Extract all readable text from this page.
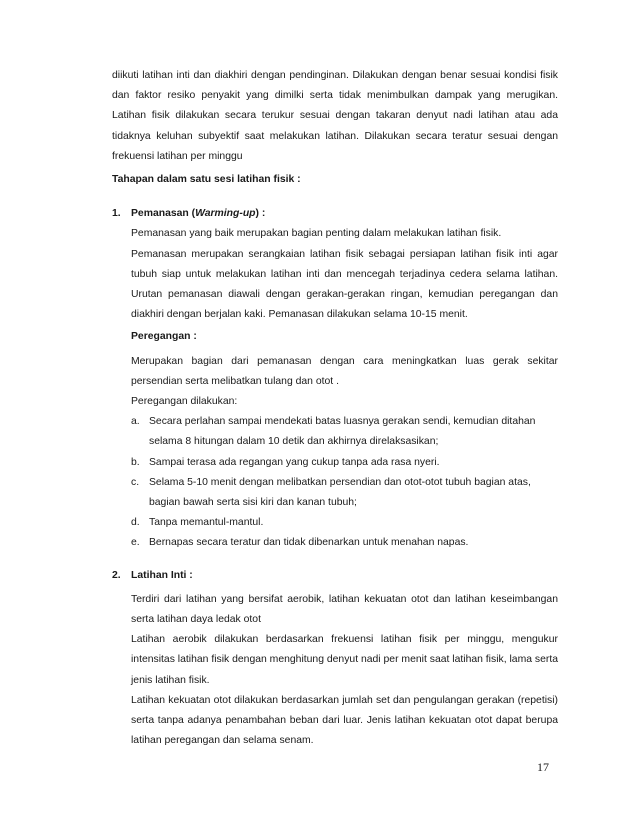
diikuti latihan inti dan diakhiri dengan pendinginan. Dilakukan dengan benar sesuai kondisi fisik dan faktor resiko penyakit yang dimilki serta tidak menimbulkan dampak yang merugikan. Latihan fisik dilakukan secara terukur sesuai dengan takaran denyut nadi latihan atau ada tidaknya keluhan subyektif saat melakukan latihan. Dilakukan secara teratur sesuai dengan frekuensi latihan per minggu

Tahapan dalam satu sesi latihan fisik :

1. Pemanasan (Warming-up) :

Pemanasan yang baik merupakan bagian penting dalam melakukan latihan fisik.

Pemanasan merupakan serangkaian latihan fisik sebagai persiapan latihan fisik inti agar tubuh siap untuk melakukan latihan inti dan mencegah terjadinya cedera selama latihan. Urutan pemanasan diawali dengan gerakan-gerakan ringan, kemudian peregangan dan diakhiri dengan berjalan kaki. Pemanasan dilakukan selama 10-15 menit.

Peregangan :

Merupakan bagian dari pemanasan dengan cara meningkatkan luas gerak sekitar persendian serta melibatkan tulang dan otot .

Peregangan dilakukan:

a. Secara perlahan sampai mendekati batas luasnya gerakan sendi, kemudian ditahan selama 8 hitungan dalam 10 detik dan akhirnya direlaksasikan;
b. Sampai terasa ada regangan yang cukup tanpa ada rasa nyeri.
c. Selama 5-10 menit dengan melibatkan persendian dan otot-otot tubuh bagian atas, bagian bawah serta sisi kiri dan kanan tubuh;
d. Tanpa memantul-mantul.
e. Bernapas secara teratur dan tidak dibenarkan untuk menahan napas.
2. Latihan Inti :

Terdiri dari latihan yang bersifat aerobik, latihan kekuatan otot dan latihan keseimbangan serta latihan daya ledak otot

Latihan aerobik dilakukan berdasarkan frekuensi latihan fisik per minggu, mengukur intensitas latihan fisik dengan menghitung denyut nadi per menit saat latihan fisik, lama serta jenis latihan fisik.

Latihan kekuatan otot dilakukan berdasarkan jumlah set dan pengulangan gerakan (repetisi) serta tanpa adanya penambahan beban dari luar. Jenis latihan kekuatan otot dapat berupa latihan peregangan dan selama senam.

17
